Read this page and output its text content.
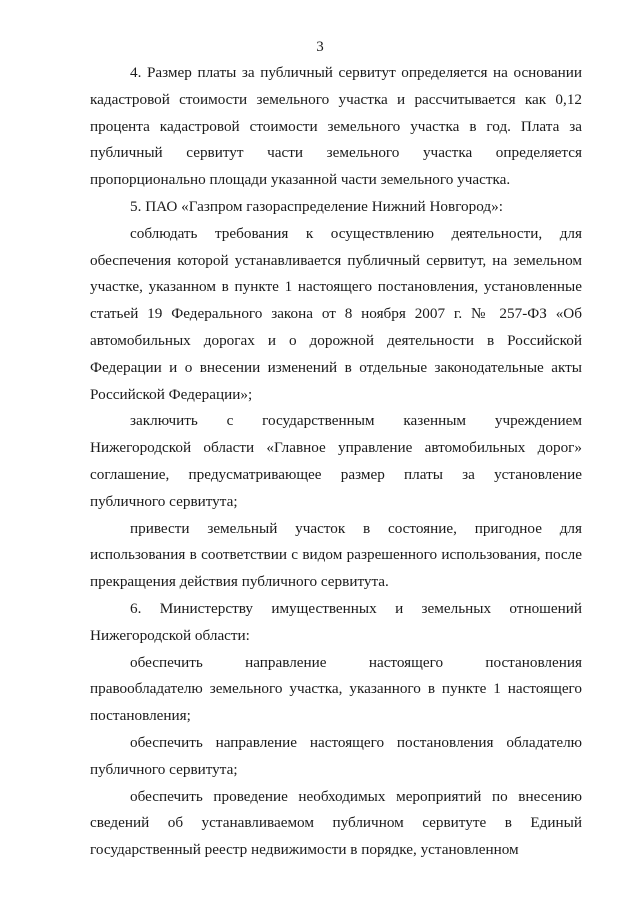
3

4. Размер платы за публичный сервитут определяется на основании кадастровой стоимости земельного участка и рассчитывается как 0,12 процента кадастровой стоимости земельного участка в год. Плата за публичный сервитут части земельного участка определяется пропорционально площади указанной части земельного участка.

5. ПАО «Газпром газораспределение Нижний Новгород»:

соблюдать требования к осуществлению деятельности, для обеспечения которой устанавливается публичный сервитут, на земельном участке, указанном в пункте 1 настоящего постановления, установленные статьей 19 Федерального закона от 8 ноября 2007 г. № 257-ФЗ «Об автомобильных дорогах и о дорожной деятельности в Российской Федерации и о внесении изменений в отдельные законодательные акты Российской Федерации»;

заключить с государственным казенным учреждением Нижегородской области «Главное управление автомобильных дорог» соглашение, предусматривающее размер платы за установление публичного сервитута;

привести земельный участок в состояние, пригодное для использования в соответствии с видом разрешенного использования, после прекращения действия публичного сервитута.

6. Министерству имущественных и земельных отношений Нижегородской области:

обеспечить направление настоящего постановления правообладателю земельного участка, указанного в пункте 1 настоящего постановления;

обеспечить направление настоящего постановления обладателю публичного сервитута;

обеспечить проведение необходимых мероприятий по внесению сведений об устанавливаемом публичном сервитуте в Единый государственный реестр недвижимости в порядке, установленном
